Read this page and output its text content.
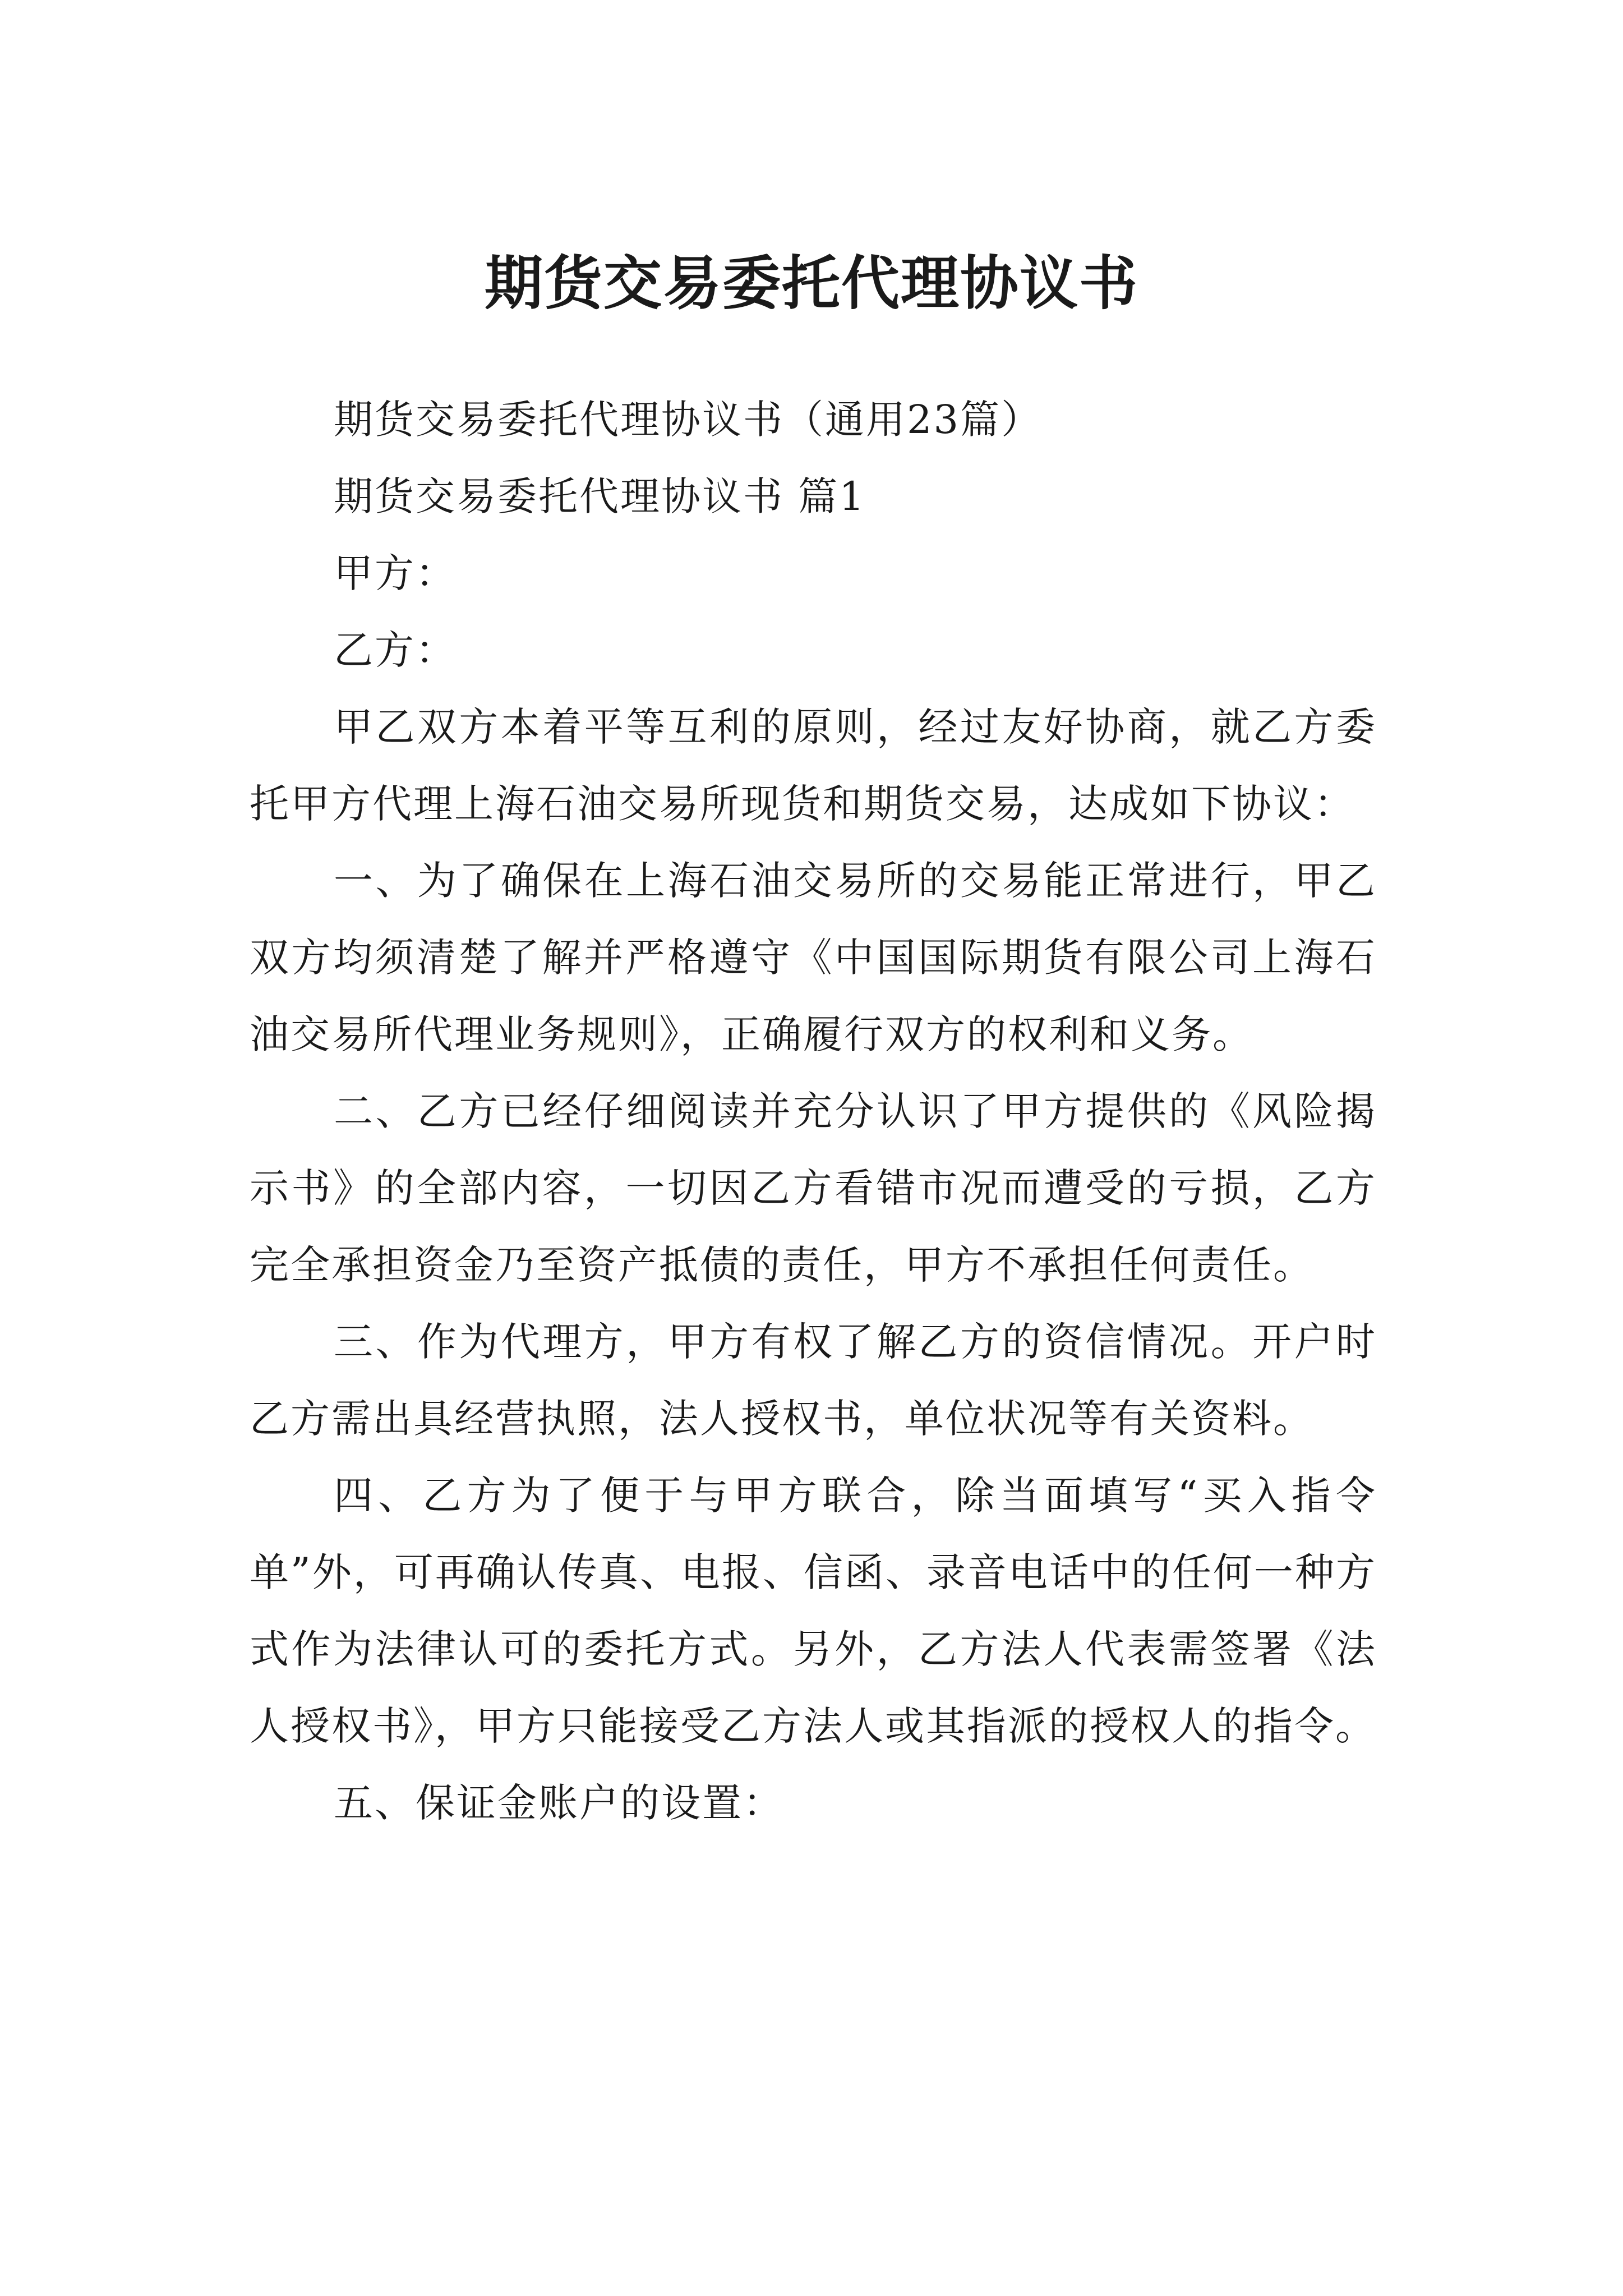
期货交易委托代理协议书

期货交易委托代理协议书（通用23篇）

期货交易委托代理协议书 篇1

甲方：

乙方：

甲乙双方本着平等互利的原则，经过友好协商，就乙方委托甲方代理上海石油交易所现货和期货交易，达成如下协议：

一、为了确保在上海石油交易所的交易能正常进行，甲乙双方均须清楚了解并严格遵守《中国国际期货有限公司上海石油交易所代理业务规则》，正确履行双方的权利和义务。

二、乙方已经仔细阅读并充分认识了甲方提供的《风险揭示书》的全部内容，一切因乙方看错市况而遭受的亏损，乙方完全承担资金乃至资产抵债的责任，甲方不承担任何责任。

三、作为代理方，甲方有权了解乙方的资信情况。开户时乙方需出具经营执照，法人授权书，单位状况等有关资料。

四、乙方为了便于与甲方联合，除当面填写“买入指令单”外，可再确认传真、电报、信函、录音电话中的任何一种方式作为法律认可的委托方式。另外，乙方法人代表需签署《法人授权书》，甲方只能接受乙方法人或其指派的授权人的指令。

五、保证金账户的设置：
